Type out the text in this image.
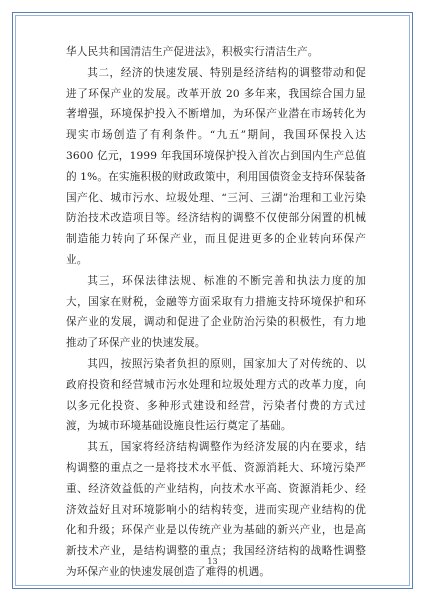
华人民共和国清洁生产促进法》，积极实行清洁生产。

其二，经济的快速发展、特别是经济结构的调整带动和促进了环保产业的发展。改革开放 20 多年来，我国综合国力显著增强，环境保护投入不断增加，为环保产业潜在市场转化为现实市场创造了有利条件。“九五”期间，我国环保投入达 3600 亿元，1999 年我国环境保护投入首次占到国内生产总值的 1%。在实施积极的财政政策中，利用国债资金支持环保装备国产化、城市污水、垃圾处理、“三河、三湖”治理和工业污染防治技术改造项目等。经济结构的调整不仅使部分闲置的机械制造能力转向了环保产业，而且促进更多的企业转向环保产业。

其三，环保法律法规、标准的不断完善和执法力度的加大，国家在财税，金融等方面采取有力措施支持环境保护和环保产业的发展，调动和促进了企业防治污染的积极性，有力地推动了环保产业的快速发展。

其四，按照污染者负担的原则，国家加大了对传统的、以政府投资和经营城市污水处理和垃圾处理方式的改革力度，向以多元化投资、多种形式建设和经营，污染者付费的方式过渡，为城市环境基础设施良性运行奠定了基础。

其五，国家将经济结构调整作为经济发展的内在要求，结构调整的重点之一是将技术水平低、资源消耗大、环境污染严重、经济效益低的产业结构，向技术水平高、资源消耗少、经济效益好且对环境影响小的结构转变，进而实现产业结构的优化和升级；环保产业是以传统产业为基础的新兴产业，也是高新技术产业，是结构调整的重点；我国经济结构的战略性调整为环保产业的快速发展创造了难得的机遇。

13
